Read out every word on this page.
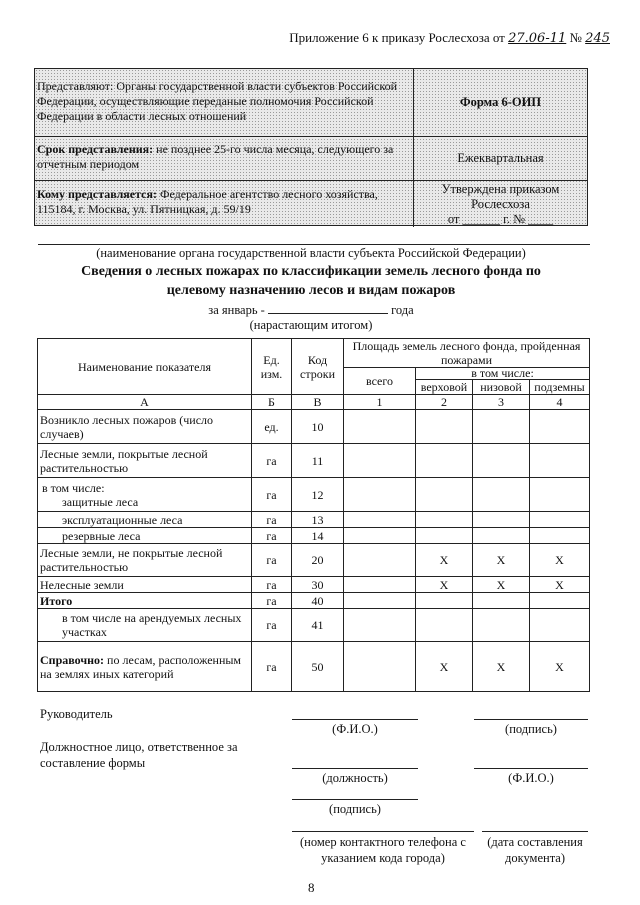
Приложение 6 к приказу Рослесхоза от 27.06-11 № 245
Представляют: Органы государственной власти субъектов Российской Федерации, осуществляющие переданые полномочия Российской Федерации в области лесных отношений
Форма 6-ОИП
Срок представления: не позднее 25-го числа месяца, следующего за отчетным периодом	Ежеквартальная
Кому представляется: Федеральное агентство лесного хозяйства, 115184, г. Москва, ул. Пятницкая, д. 59/19
Утверждена приказом
Рослесхоза
от ______ г. № ____
(наименование органа государственной власти субъекта Российской Федерации)
Сведения о лесных пожарах по классификации земель лесного фонда по
целевому назначению лесов и видам пожаров
за январь -	года
(нарастающим итогом)
Наименование показателя	Ед. изм.	Код строки	Площадь земель лесного фонда, пройденная пожарами			
			всего	в том числе:		
				верховой	низовой	подземны
А	Б	В	1	2	3	4
Возникло лесных пожаров (число случаев)	ед.	10				
Лесные земли, покрытые лесной растительностью	га	11				

в том числе:
защитные леса	га	12				
эксплуатационные леса	га	13				
резервные леса	га	14				
Лесные земли, не покрытые лесной растительностью	га	20		X	X	X
Нелесные земли	га	30		X	X	X
Итого	га	40				
в том числе на арендуемых лесных участках	га	41				
Справочно: по лесам, расположенным на землях иных категорий	га	50		X	X	X
Руководитель
(Ф.И.О.)	(подпись)
Должностное лицо, ответственное за составление формы
(должность)	(Ф.И.О.)
(подпись)
(номер контактного телефона с указанием кода города)
(дата составления документа)
8
